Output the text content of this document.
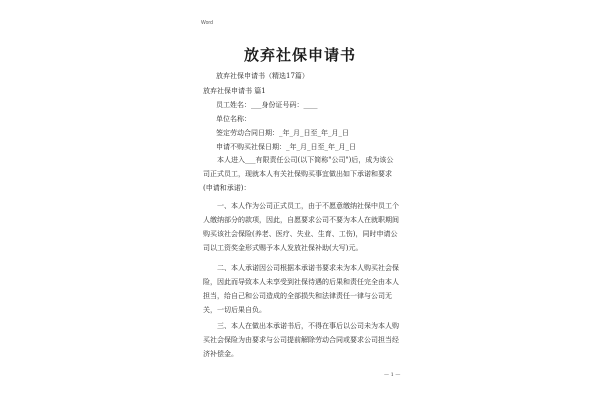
Word
放弃社保申请书
放弃社保申请书（精选17篇）
放弃社保申请书 篇1
员工姓名：___身份证号码：____
单位名称：
签定劳动合同日期：_年_月_日至_年_月_日
申请不购买社保日期：_年_月_日至_年_月_日
本人进入___有限责任公司(以下简称"公司")后，成为该公司正式员工，现就本人有关社保购买事宜做出如下承诺和要求(申请和承诺)：
一、本人作为公司正式员工，由于不愿意缴纳社保中员工个人缴纳部分的款项，因此，自愿要求公司不要为本人在就职期间购买该社会保险(养老、医疗、失业、生育、工伤)，同时申请公司以工资奖金形式赐予本人发放社保补助(大写)元。
二、本人承诺因公司根据本承诺书要求未为本人购买社会保险，因此而导致本人未享受到社保待遇的后果和责任完全由本人担当，给自己和公司造成的全部损失和法律责任一律与公司无关，一切后果自负。
三、本人在做出本承诺书后，不得在事后以公司未为本人购买社会保险为由要求与公司提前解除劳动合同或要求公司担当经济补偿金。
— 1 —
